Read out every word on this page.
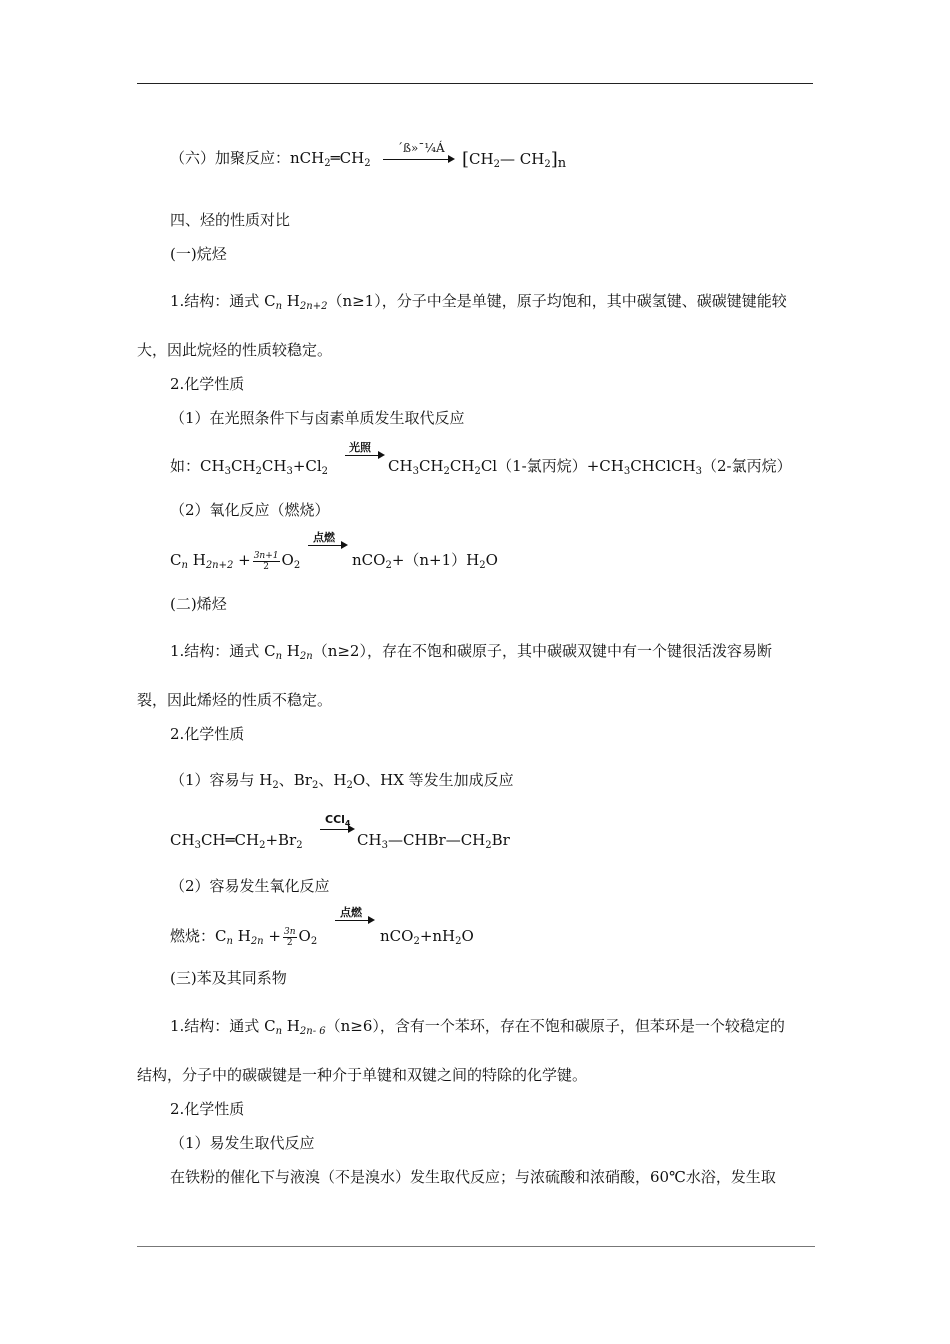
（六）加聚反应：$nCH_2═CH_2$
´ß»¯¼Á
[$CH_2—$ $CH_2]_n$
四、烃的性质对比
(一)烷烃
1.结构：通式 $C_n$ $H_{2n+2}(n\ge 1)$，分子中全是单键，原子均饱和，其中碳氢键、碳碳键键能较
大，因此烷烃的性质较稳定。
2.化学性质
（1）在光照条件下与卤素单质发生取代反应
如：$CH_3CH_2CH_3+Cl_2$
光照
$CH_3CH_2CH_2Cl(1-$氯丙烷）$+CH_3CHClCH_3(2-$氯丙烷）
（2）氧化反应（燃烧）
$C_n$ $H_{2n+2} + \frac{3n+1}{2} O_2$
点燃
$nCO_2+(n+1)H_2O$
(二)烯烃
1.结构：通式 $C_n$ $H_{2n}(n\ge 2)$，存在不饱和碳原子，其中碳碳双键中有一个键很活泼容易断
裂，因此烯烃的性质不稳定。
2.化学性质
（1）容易与 $H_2$、$Br_2$、$H_2O$、HX 等发生加成反应
$CH_3CH═CH_2+Br_2$
CCl$_4$
$CH_3—CHBr—CH_2Br$
（2）容易发生氧化反应
燃烧：$C_n$ $H_{2n} + \frac{3n}{2} O_2$
点燃
$nCO_2+nH_2O$
(三)苯及其同系物
1.结构：通式 $C_n$ $H_{2n- 6}(n\ge 6)$，含有一个苯环，存在不饱和碳原子，但苯环是一个较稳定的
结构，分子中的碳碳键是一种介于单键和双键之间的特除的化学键。
2.化学性质
（1）易发生取代反应
在铁粉的催化下与液溴（不是溴水）发生取代反应；与浓硫酸和浓硝酸，60℃水浴，发生取
